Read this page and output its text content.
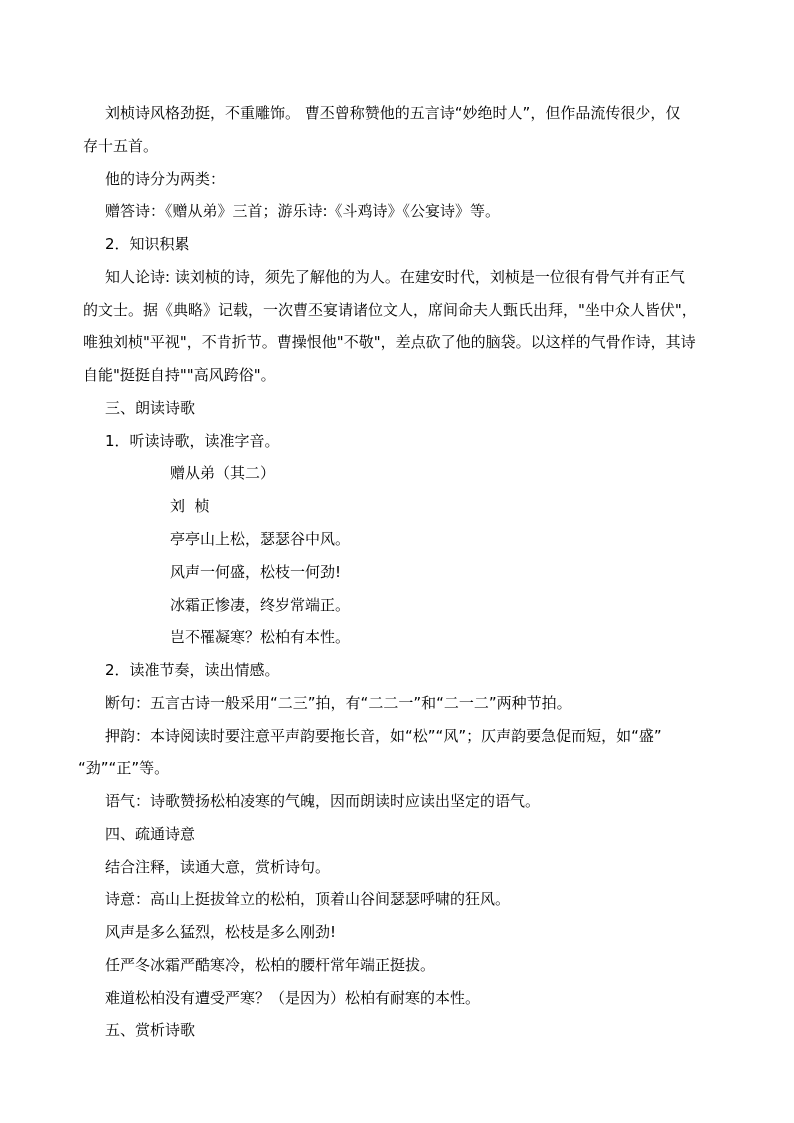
刘桢诗风格劲挺，不重雕饰。 曹丕曾称赞他的五言诗“妙绝时人”，但作品流传很少，仅
存十五首。
他的诗分为两类：
赠答诗：《赠从弟》三首；游乐诗:《斗鸡诗》《公宴诗》等。
2．知识积累
知人论诗: 读刘桢的诗，须先了解他的为人。在建安时代，刘桢是一位很有骨气并有正气
的文士。据《典略》记载，一次曹丕宴请诸位文人，席间命夫人甄氏出拜，"坐中众人皆伏"，
唯独刘桢"平视"，不肯折节。曹操恨他"不敬"，差点砍了他的脑袋。以这样的气骨作诗，其诗
自能"挺挺自持""高风跨俗"。
三、朗读诗歌
1．听读诗歌，读准字音。
赠从弟（其二）
刘  桢
亭亭山上松，瑟瑟谷中风。
风声一何盛，松枝一何劲!
冰霜正惨凄，终岁常端正。
岂不罹凝寒？松柏有本性。
2．读准节奏，读出情感。
断句：五言古诗一般采用“二三”拍，有“二二一”和“二一二”两种节拍。
押韵：本诗阅读时要注意平声韵要拖长音，如“松”“风”；仄声韵要急促而短，如“盛”
“劲”“正”等。
语气：诗歌赞扬松柏凌寒的气魄，因而朗读时应读出坚定的语气。
四、疏通诗意
结合注释，读通大意，赏析诗句。
诗意：高山上挺拔耸立的松柏，顶着山谷间瑟瑟呼啸的狂风。
风声是多么猛烈，松枝是多么刚劲!
任严冬冰霜严酷寒冷，松柏的腰杆常年端正挺拔。
难道松柏没有遭受严寒？（是因为）松柏有耐寒的本性。
五、赏析诗歌
